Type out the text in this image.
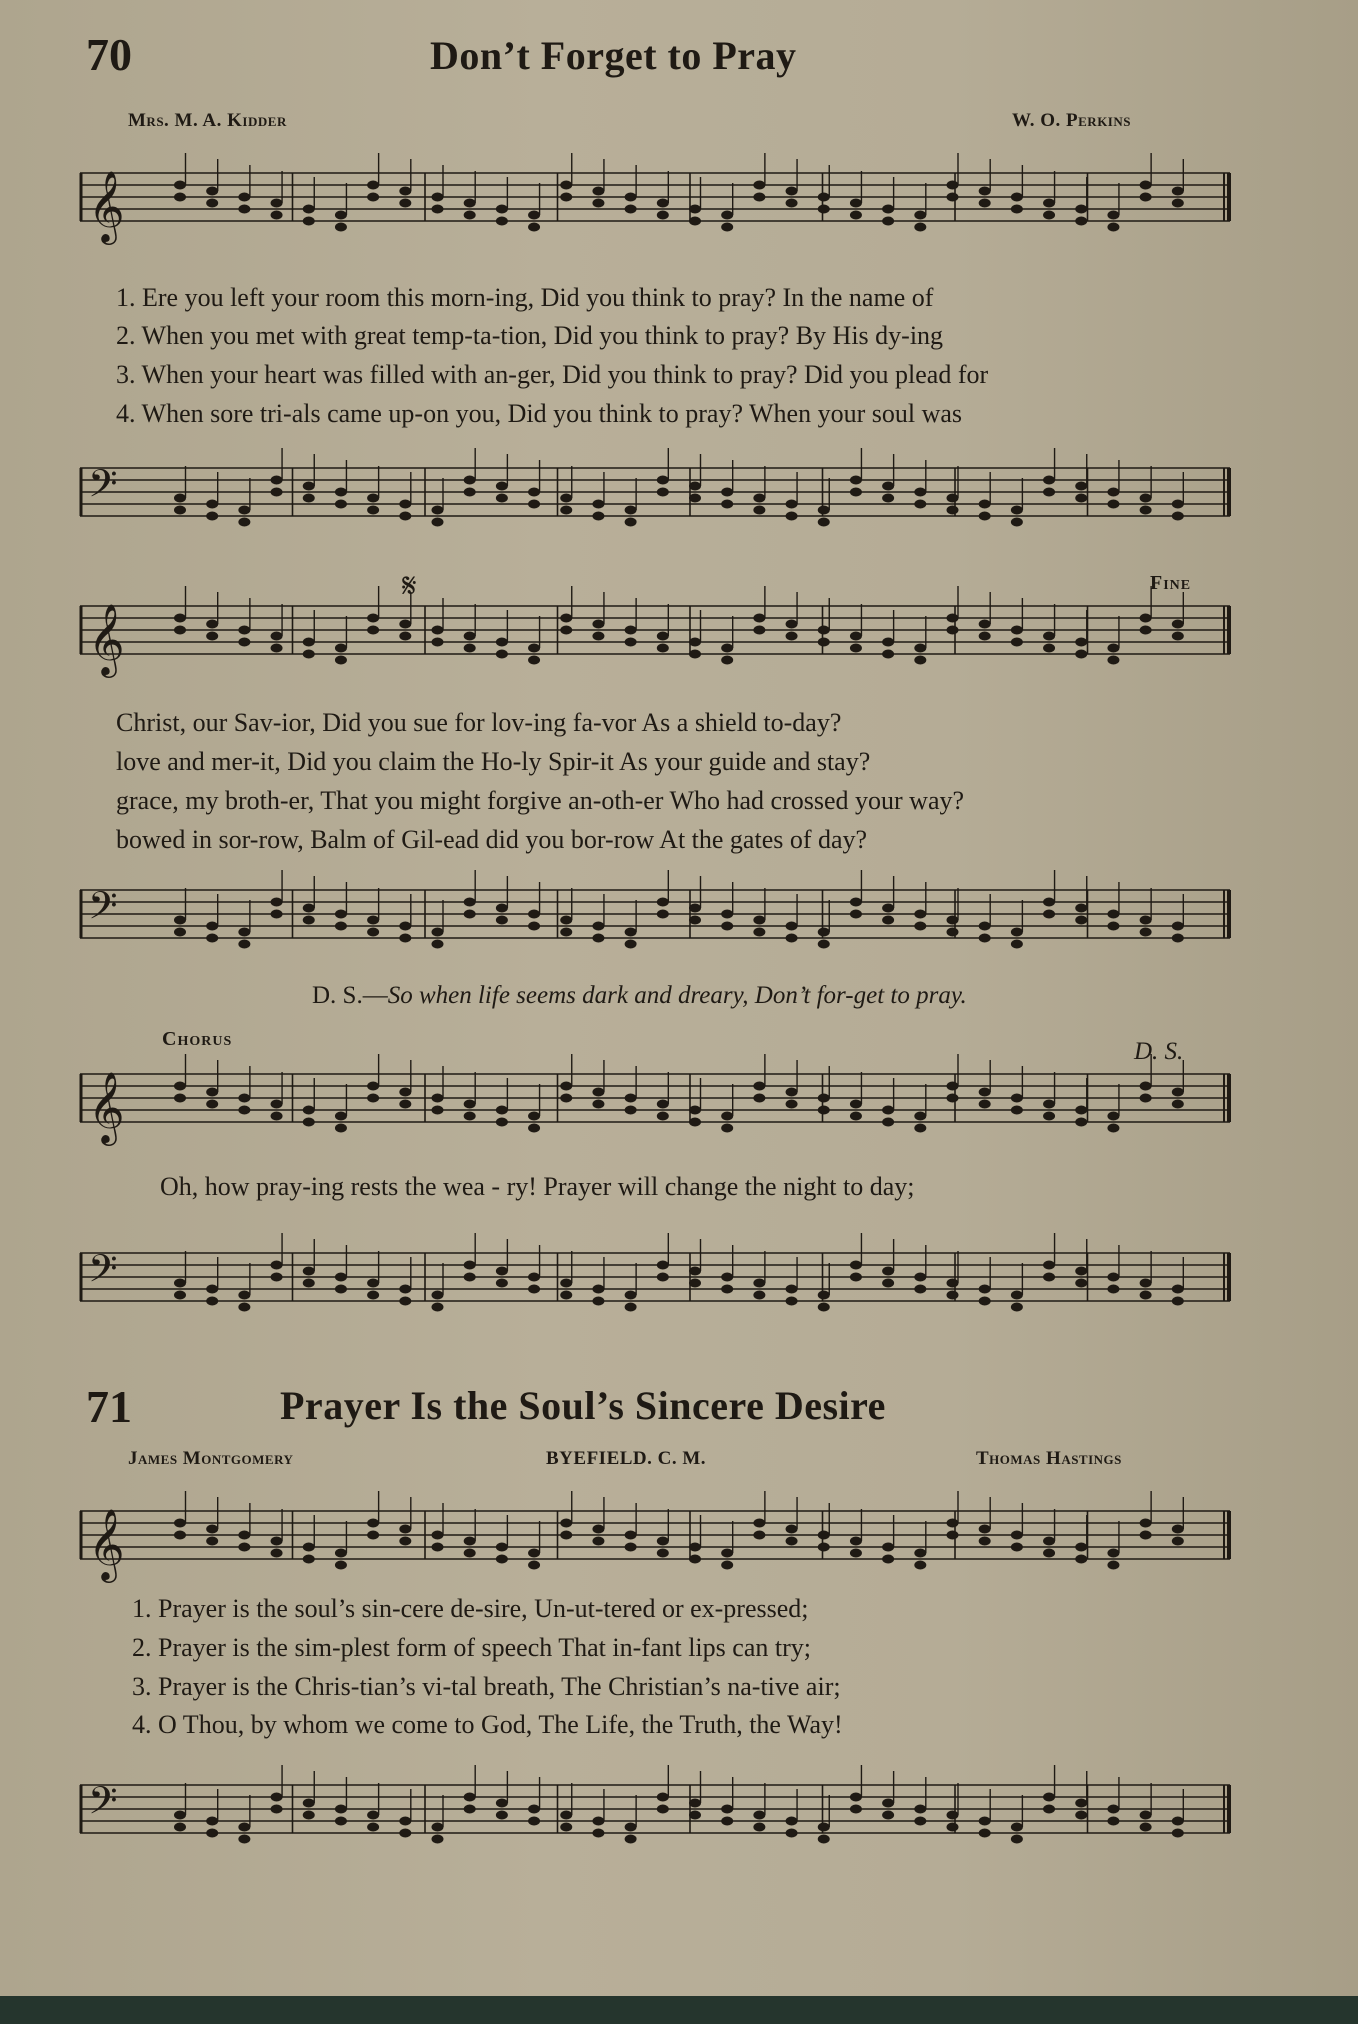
70	Don’t Forget to Pray
Mrs. M. A. Kidder	W. O. Perkins
𝄞
1. Ere you left your room this morn-ing, Did you think to pray? In the name of
2. When you met with great temp-ta-tion, Did you think to pray? By His dy-ing
3. When your heart was filled with an-ger, Did you think to pray? Did you plead for
4. When sore tri-als came up-on you, Did you think to pray? When your soul was
𝄢
𝄋	Fine
𝄞
Christ, our Sav-ior, Did you sue for lov-ing fa-vor As a shield to-day?
love and mer-it, Did you claim the Ho-ly Spir-it As your guide and stay?
grace, my broth-er, That you might forgive an-oth-er Who had crossed your way?
bowed in sor-row, Balm of Gil-ead did you bor-row At the gates of day?
𝄢
D. S.—So when life seems dark and dreary, Don’t for-get to pray.
Chorus	D. S.
𝄞
Oh, how pray-ing rests the wea - ry! Prayer will change the night to day;
𝄢
71	Prayer Is the Soul’s Sincere Desire
James Montgomery	BYEFIELD. C. M.	Thomas Hastings
𝄞
1. Prayer is the soul’s sin-cere de-sire, Un-ut-tered or ex-pressed;
2. Prayer is the sim-plest form of speech That in-fant lips can try;
3. Prayer is the Chris-tian’s vi-tal breath, The Christian’s na-tive air;
4. O Thou, by whom we come to God, The Life, the Truth, the Way!
𝄢
